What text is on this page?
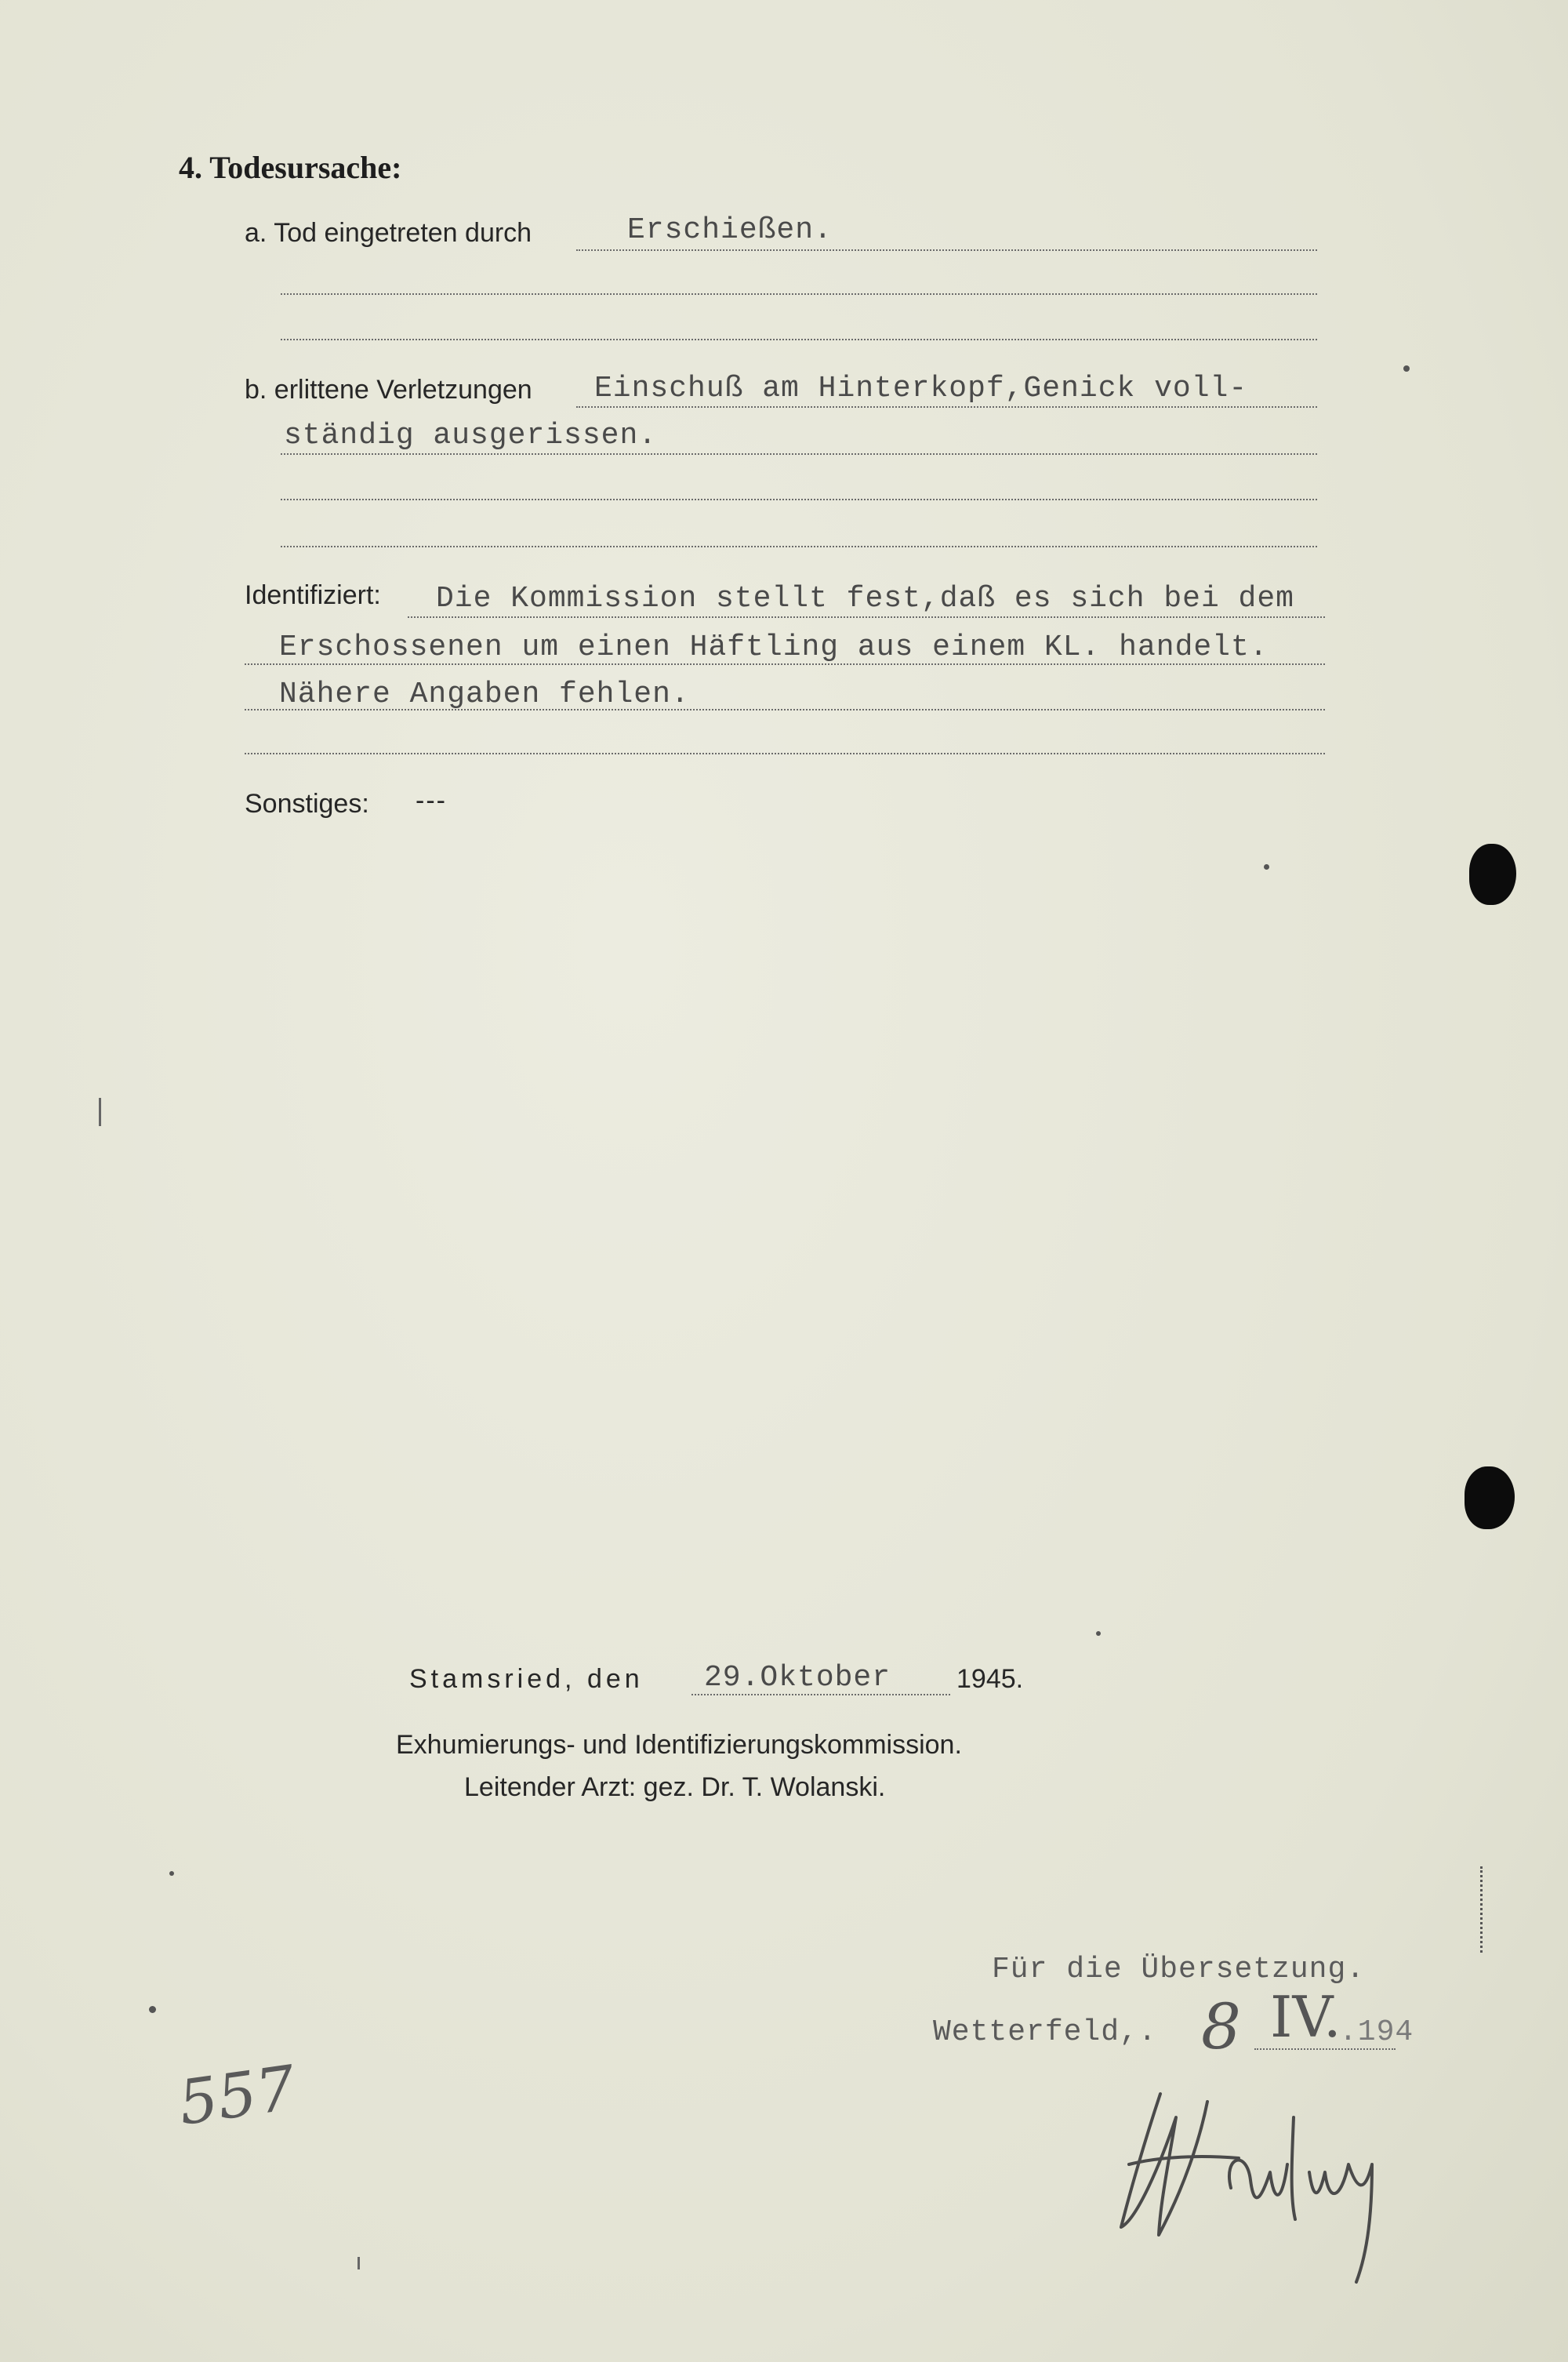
4. Todesursache:
a. Tod eingetreten durch	Erschießen.
b. erlittene Verletzungen Einschuß am Hinterkopf,Genick voll-
ständig ausgerissen.
Identifiziert: Die Kommission stellt fest,daß es sich bei dem
Erschossenen um einen Häftling aus einem KL. handelt.
Nähere Angaben fehlen.
Sonstiges: ---
Stamsried, den 29.Oktober 1945.
Exhumierungs- und Identifizierungskommission.
Leitender Arzt: gez. Dr. T. Wolanski.
Für die Übersetzung.
Wetterfeld,. 8 IV.
.194
557
